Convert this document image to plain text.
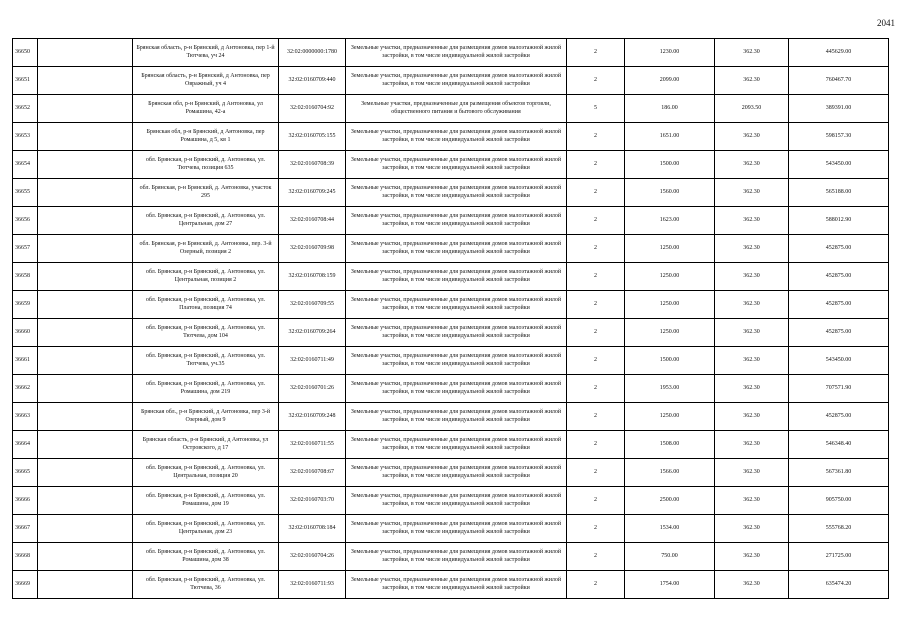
2041
36650		Брянская область, р-н Брянский, д Антоновка, пер 1-й Тютчева, уч 24	32:02:0000000:1780	Земельные участки, предназначенные для размещения домов малоэтажной жилой застройки, в том числе индивидуальной жилой застройки	2	1230.00	362.30	445629.00
36651		Брянская область, р-н Брянский, д Антоновка, пер Овражный, уч 4	32:02:0160709:440	Земельные участки, предназначенные для размещения домов малоэтажной жилой застройки, в том числе индивидуальной жилой застройки	2	2099.00	362.30	760467.70
36652		Брянская обл, р-н Брянский, д Антоновка, ул Ромашина, 42-а	32:02:0160704:92	Земельные участки, предназначенные для размещения объектов торговли, общественного питания и бытового обслуживания	5	186.00	2093.50	389391.00
36653		Брянская обл, р-н Брянский, д Антоновка, пер Ромашина, д 5, кв 1	32:02:0160705:155	Земельные участки, предназначенные для размещения домов малоэтажной жилой застройки, в том числе индивидуальной жилой застройки	2	1651.00	362.30	598157.30
36654		обл. Брянская, р-н Брянский, д. Антоновка, ул. Тютчева, позиция 635	32:02:0160708:39	Земельные участки, предназначенные для размещения домов малоэтажной жилой застройки, в том числе индивидуальной жилой застройки	2	1500.00	362.30	543450.00
36655		обл. Брянская, р-н Брянский, д. Антоновка, участок 295	32:02:0160709:245	Земельные участки, предназначенные для размещения домов малоэтажной жилой застройки, в том числе индивидуальной жилой застройки	2	1560.00	362.30	565188.00
36656		обл. Брянская, р-н Брянский, д. Антоновка, ул. Центральная, дом 27	32:02:0160708:44	Земельные участки, предназначенные для размещения домов малоэтажной жилой застройки, в том числе индивидуальной жилой застройки	2	1623.00	362.30	588012.90
36657		обл. Брянская, р-н Брянский, д. Антоновка, пер. 3-й Озерный, позиция 2	32:02:0160709:98	Земельные участки, предназначенные для размещения домов малоэтажной жилой застройки, в том числе индивидуальной жилой застройки	2	1250.00	362.30	452875.00
36658		обл. Брянская, р-н Брянский, д. Антоновка, ул. Центральная, позиция 2	32:02:0160708:159	Земельные участки, предназначенные для размещения домов малоэтажной жилой застройки, в том числе индивидуальной жилой застройки	2	1250.00	362.30	452875.00
36659		обл. Брянская, р-н Брянский, д. Антоновка, ул. Платона, позиция 74	32:02:0160709:55	Земельные участки, предназначенные для размещения домов малоэтажной жилой застройки, в том числе индивидуальной жилой застройки	2	1250.00	362.30	452875.00
36660		обл. Брянская, р-н Брянский, д. Антоновка, ул. Тютчева, дом 104	32:02:0160709:264	Земельные участки, предназначенные для размещения домов малоэтажной жилой застройки, в том числе индивидуальной жилой застройки	2	1250.00	362.30	452875.00
36661		обл. Брянская, р-н Брянский, д. Антоновка, ул. Тютчева, уч.35	32:02:0160711:49	Земельные участки, предназначенные для размещения домов малоэтажной жилой застройки, в том числе индивидуальной жилой застройки	2	1500.00	362.30	543450.00
36662		обл. Брянская, р-н Брянский, д. Антоновка, ул. Ромашина, дом 219	32:02:0160701:26	Земельные участки, предназначенные для размещения домов малоэтажной жилой застройки, в том числе индивидуальной жилой застройки	2	1953.00	362.30	707571.90
36663		Брянская обл., р-н Брянский, д Антоновка, пер 3-й Озерный, дом 9	32:02:0160709:248	Земельные участки, предназначенные для размещения домов малоэтажной жилой застройки, в том числе индивидуальной жилой застройки	2	1250.00	362.30	452875.00
36664		Брянская область, р-н Брянский, д Антоновка, ул Островского, д 17	32:02:0160711:55	Земельные участки, предназначенные для размещения домов малоэтажной жилой застройки, в том числе индивидуальной жилой застройки	2	1508.00	362.30	546348.40
36665		обл. Брянская, р-н Брянский, д. Антоновка, ул. Центральная, позиция 20	32:02:0160708:67	Земельные участки, предназначенные для размещения домов малоэтажной жилой застройки, в том числе индивидуальной жилой застройки	2	1566.00	362.30	567361.80
36666		обл. Брянская, р-н Брянский, д. Антоновка, ул. Ромашина, дом 19	32:02:0160703:70	Земельные участки, предназначенные для размещения домов малоэтажной жилой застройки, в том числе индивидуальной жилой застройки	2	2500.00	362.30	905750.00
36667		обл. Брянская, р-н Брянский, д. Антоновка, ул. Центральная, дом 23	32:02:0160708:184	Земельные участки, предназначенные для размещения домов малоэтажной жилой застройки, в том числе индивидуальной жилой застройки	2	1534.00	362.30	555768.20
36668		обл. Брянская, р-н Брянский, д. Антоновка, ул. Ромашина, дом 38	32:02:0160704:26	Земельные участки, предназначенные для размещения домов малоэтажной жилой застройки, в том числе индивидуальной жилой застройки	2	750.00	362.30	271725.00
36669		обл. Брянская, р-н Брянский, д. Антоновка, ул. Тютчева, 36	32:02:0160711:93	Земельные участки, предназначенные для размещения домов малоэтажной жилой застройки, в том числе индивидуальной жилой застройки	2	1754.00	362.30	635474.20
